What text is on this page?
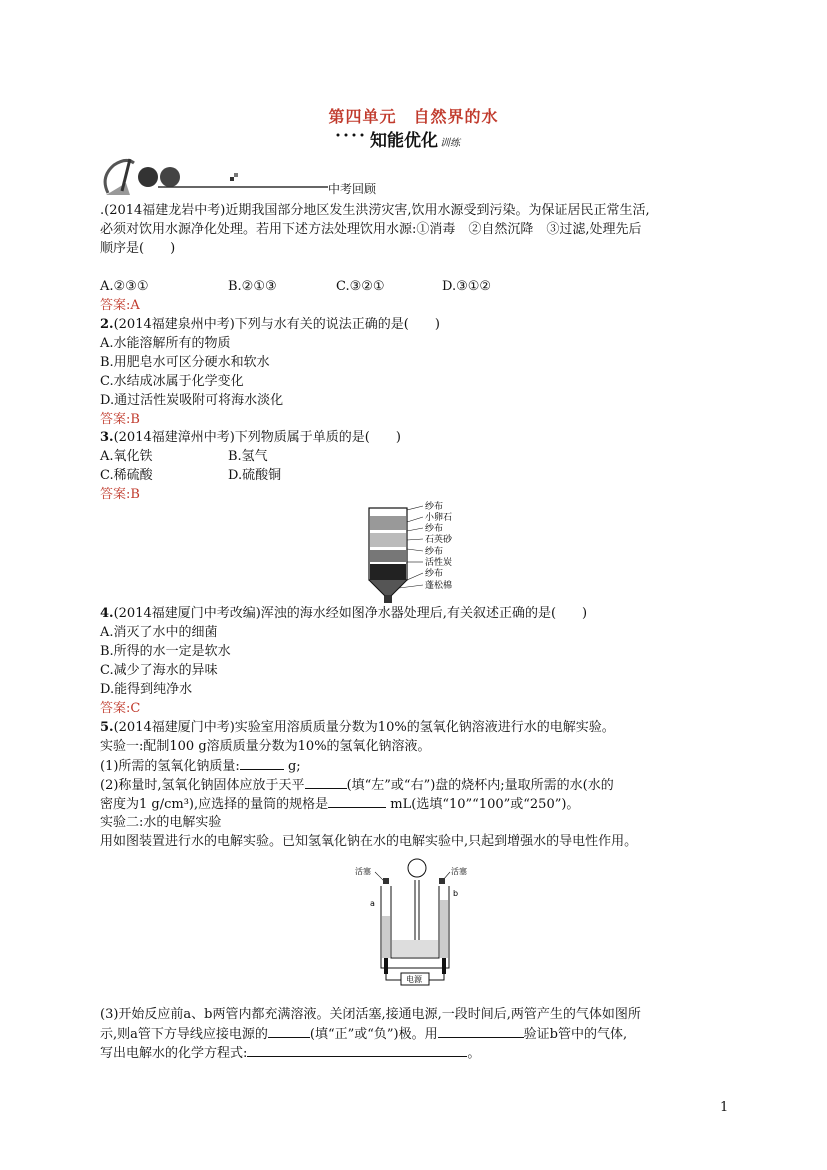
第四单元　自然界的水
知能优化 训练
中考回顾
.(2014福建龙岩中考)近期我国部分地区发生洪涝灾害,饮用水源受到污染。为保证居民正常生活,
必须对饮用水源净化处理。若用下述方法处理饮用水源:①消毒　②自然沉降　③过滤,处理先后
顺序是(　　)
A.②③①	B.②①③	C.③②①	D.③①②
答案:A
2.(2014福建泉州中考)下列与水有关的说法正确的是(　　)
A.水能溶解所有的物质
B.用肥皂水可区分硬水和软水
C.水结成冰属于化学变化
D.通过活性炭吸附可将海水淡化
答案:B
3.(2014福建漳州中考)下列物质属于单质的是(　　)
A.氧化铁	B.氢气
C.稀硫酸	D.硫酸铜
答案:B
纱布
小卵石
纱布
石英砂
纱布
活性炭
纱布
蓬松棉
4.(2014福建厦门中考改编)浑浊的海水经如图净水器处理后,有关叙述正确的是(　　)
A.消灭了水中的细菌
B.所得的水一定是软水
C.减少了海水的异味
D.能得到纯净水
答案:C
5.(2014福建厦门中考)实验室用溶质质量分数为10%的氢氧化钠溶液进行水的电解实验。
实验一:配制100 g溶质质量分数为10%的氢氧化钠溶液。
(1)所需的氢氧化钠质量:	g;
(2)称量时,氢氧化钠固体应放于天平	(填“左”或“右”)盘的烧杯内;量取所需的水(水的
密度为1 g/cm³),应选择的量筒的规格是	mL(选填“10”“100”或“250”)。
实验二:水的电解实验
用如图装置进行水的电解实验。已知氢氧化钠在水的电解实验中,只起到增强水的导电性作用。
活塞	活塞
a
b
电源
(3)开始反应前a、b两管内都充满溶液。关闭活塞,接通电源,一段时间后,两管产生的气体如图所
示,则a管下方导线应接电源的	(填“正”或“负”)极。用	验证b管中的气体,
写出电解水的化学方程式:	。
1
